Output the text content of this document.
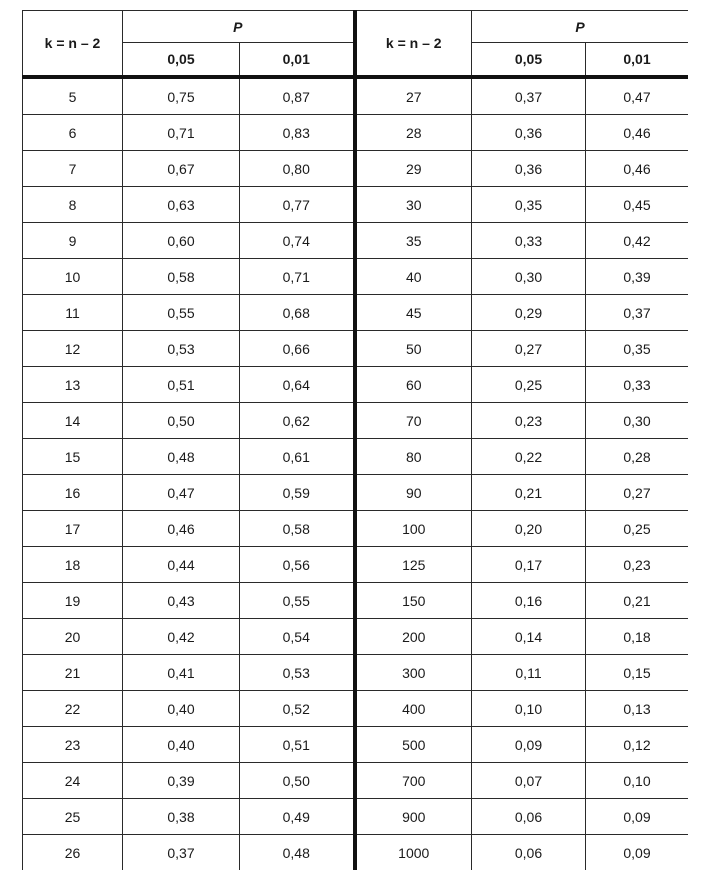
k = n – 2	P		k = n – 2	P	
	0,05	0,01		0,05	0,01
5	0,75	0,87	27	0,37	0,47
6	0,71	0,83	28	0,36	0,46
7	0,67	0,80	29	0,36	0,46
8	0,63	0,77	30	0,35	0,45
9	0,60	0,74	35	0,33	0,42
10	0,58	0,71	40	0,30	0,39
11	0,55	0,68	45	0,29	0,37
12	0,53	0,66	50	0,27	0,35
13	0,51	0,64	60	0,25	0,33
14	0,50	0,62	70	0,23	0,30
15	0,48	0,61	80	0,22	0,28
16	0,47	0,59	90	0,21	0,27
17	0,46	0,58	100	0,20	0,25
18	0,44	0,56	125	0,17	0,23
19	0,43	0,55	150	0,16	0,21
20	0,42	0,54	200	0,14	0,18
21	0,41	0,53	300	0,11	0,15
22	0,40	0,52	400	0,10	0,13
23	0,40	0,51	500	0,09	0,12
24	0,39	0,50	700	0,07	0,10
25	0,38	0,49	900	0,06	0,09
26	0,37	0,48	1000	0,06	0,09
